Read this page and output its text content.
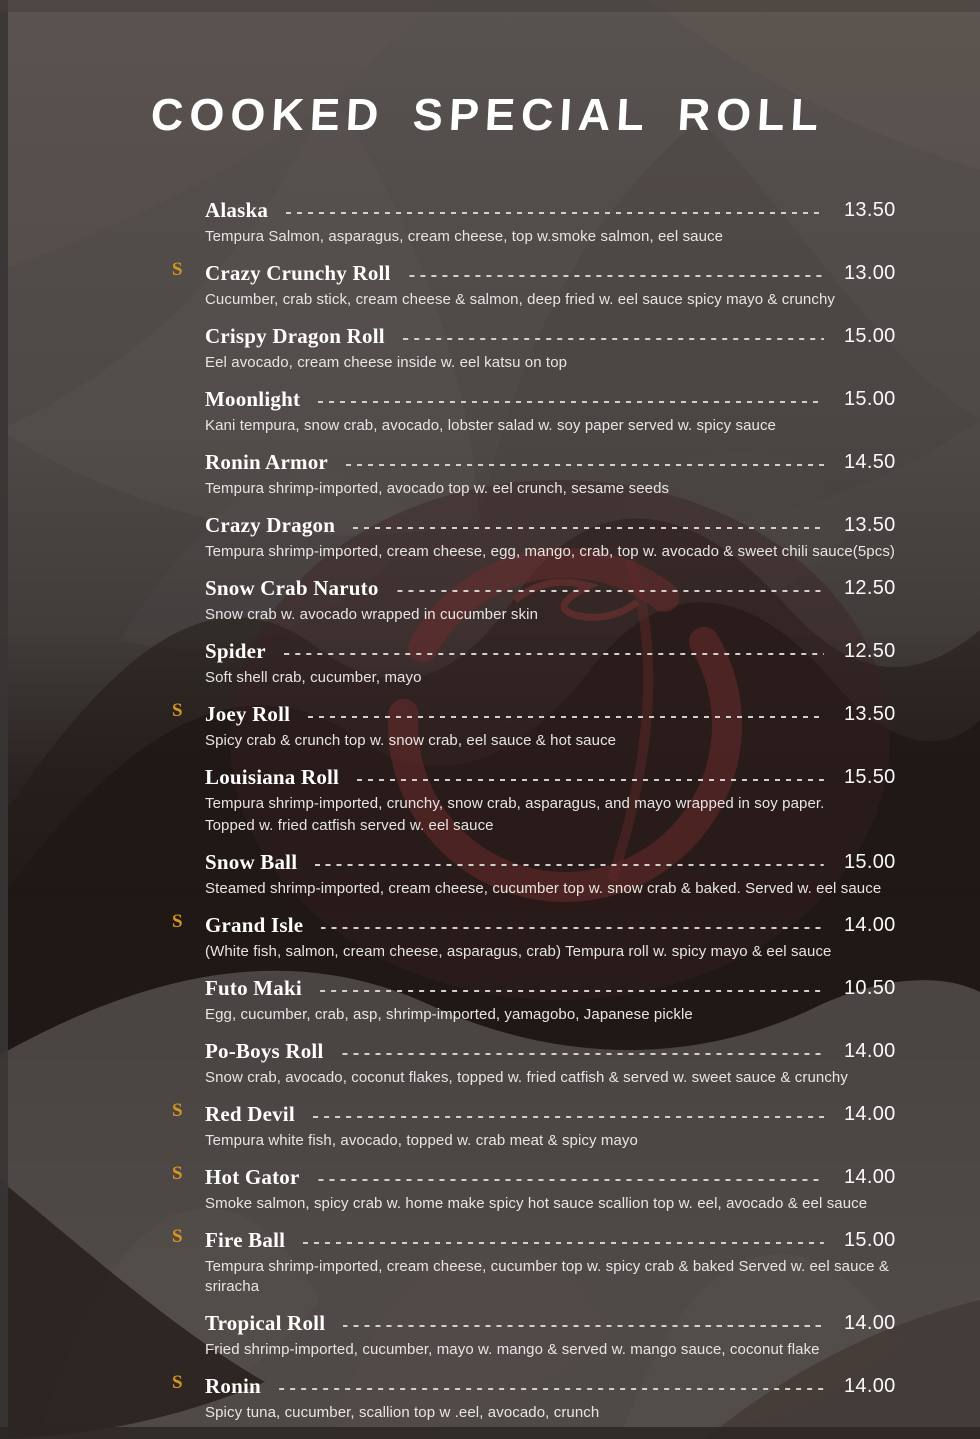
COOKED SPECIAL ROLL
Alaska	13.50
Tempura Salmon, asparagus, cream cheese, top w.smoke salmon, eel sauce
S Crazy Crunchy Roll	13.00
Cucumber, crab stick, cream cheese & salmon, deep fried w. eel sauce spicy mayo & crunchy
Crispy Dragon Roll	15.00
Eel avocado, cream cheese inside w. eel katsu on top
Moonlight	15.00
Kani tempura, snow crab, avocado, lobster salad w. soy paper served w. spicy sauce
Ronin Armor	14.50
Tempura shrimp-imported, avocado top w. eel crunch, sesame seeds
Crazy Dragon	13.50
Tempura shrimp-imported, cream cheese, egg, mango, crab, top w. avocado & sweet chili sauce(5pcs)
Snow Crab Naruto	12.50
Snow crab w. avocado wrapped in cucumber skin
Spider	12.50
Soft shell crab, cucumber, mayo
S Joey Roll	13.50
Spicy crab & crunch top w. snow crab, eel sauce & hot sauce
Louisiana Roll	15.50
Tempura shrimp-imported, crunchy, snow crab, asparagus, and mayo wrapped in soy paper.
Topped w. fried catfish served w. eel sauce
Snow Ball	15.00
Steamed shrimp-imported, cream cheese, cucumber top w. snow crab & baked. Served w. eel sauce
S Grand Isle	14.00
(White fish, salmon, cream cheese, asparagus, crab) Tempura roll w. spicy mayo & eel sauce
Futo Maki	10.50
Egg, cucumber, crab, asp, shrimp-imported, yamagobo, Japanese pickle
Po-Boys Roll	14.00
Snow crab, avocado, coconut flakes, topped w. fried catfish & served w. sweet sauce & crunchy
S Red Devil	14.00
Tempura white fish, avocado, topped w. crab meat & spicy mayo
S Hot Gator	14.00
Smoke salmon, spicy crab w. home make spicy hot sauce scallion top w. eel, avocado & eel sauce
S Fire Ball	15.00
Tempura shrimp-imported, cream cheese, cucumber top w. spicy crab & baked Served w. eel sauce & sriracha
Tropical Roll	14.00
Fried shrimp-imported, cucumber, mayo w. mango & served w. mango sauce, coconut flake
S Ronin	14.00
Spicy tuna, cucumber, scallion top w .eel, avocado, crunch
